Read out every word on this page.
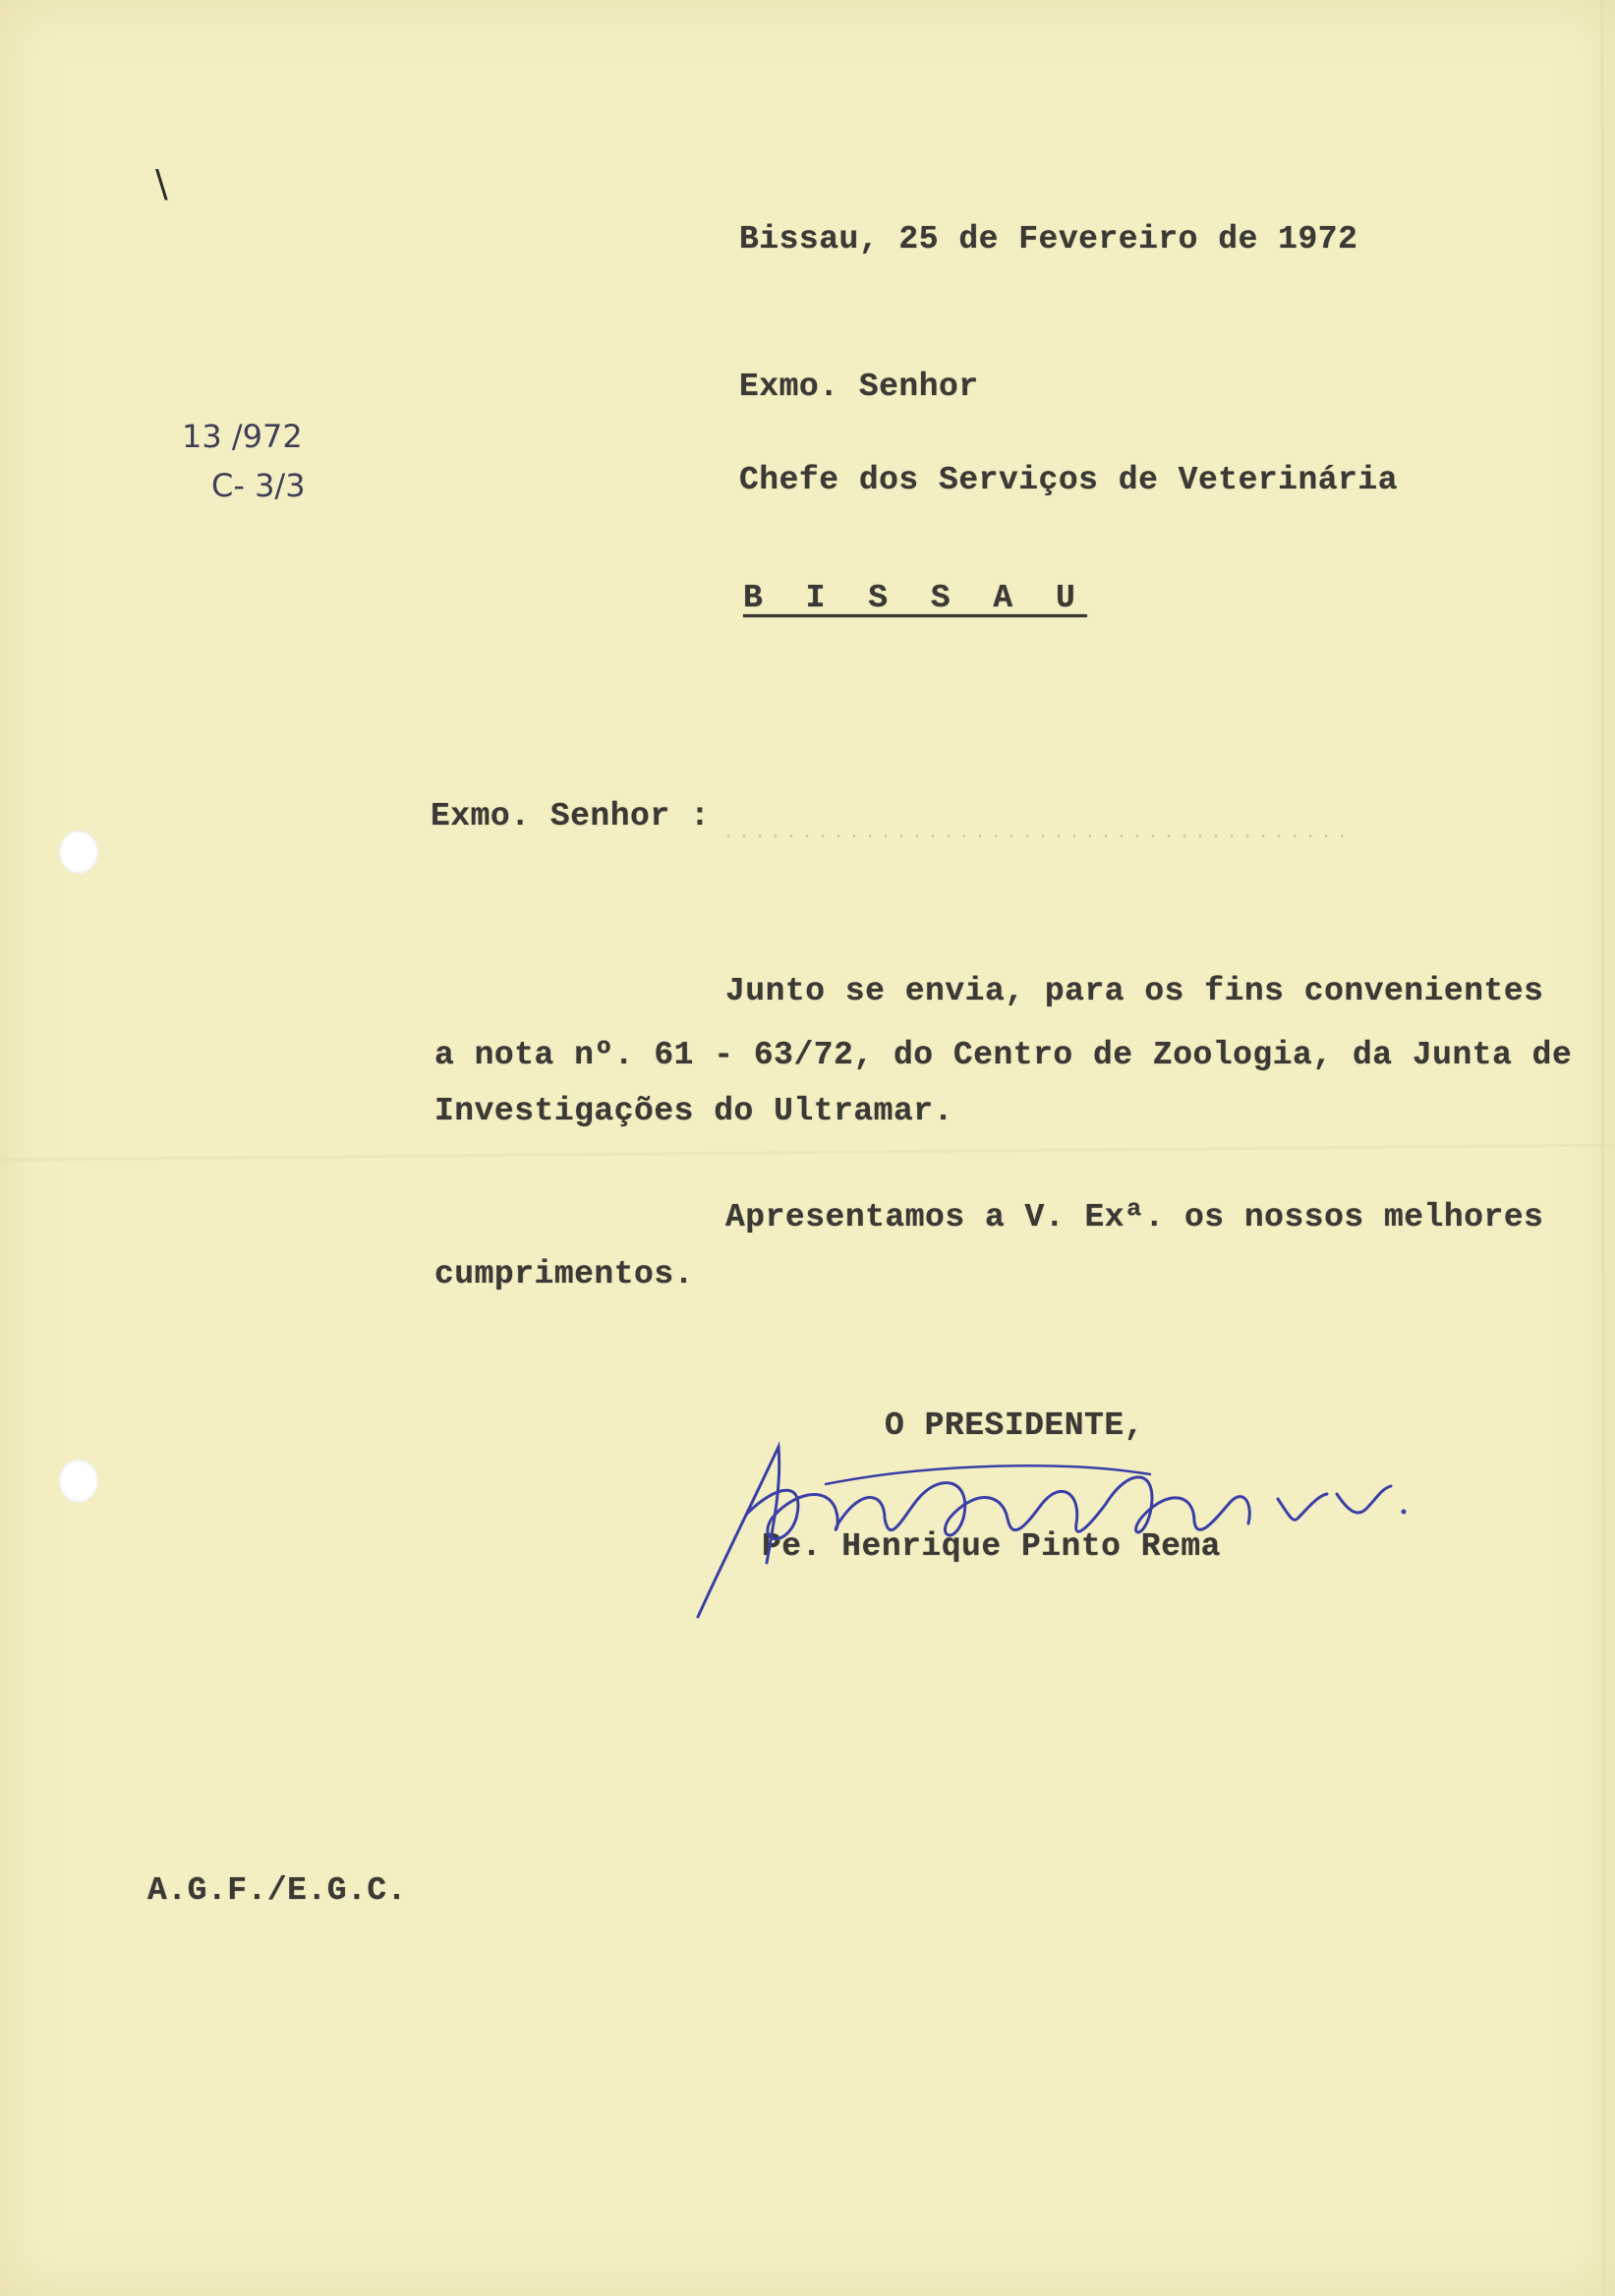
\
13 /972
C- 3/3
Bissau, 25 de Fevereiro de 1972
Exmo. Senhor
Chefe dos Serviços de Veterinária
B I S S A U
Exmo. Senhor : ........................................
Junto se envia, para os fins convenientes
a nota nº. 61 - 63/72, do Centro de Zoologia, da Junta de
Investigações do Ultramar.
Apresentamos a V. Exª. os nossos melhores
cumprimentos.
O PRESIDENTE,
Pe. Henrique Pinto Rema
A.G.F./E.G.C.
